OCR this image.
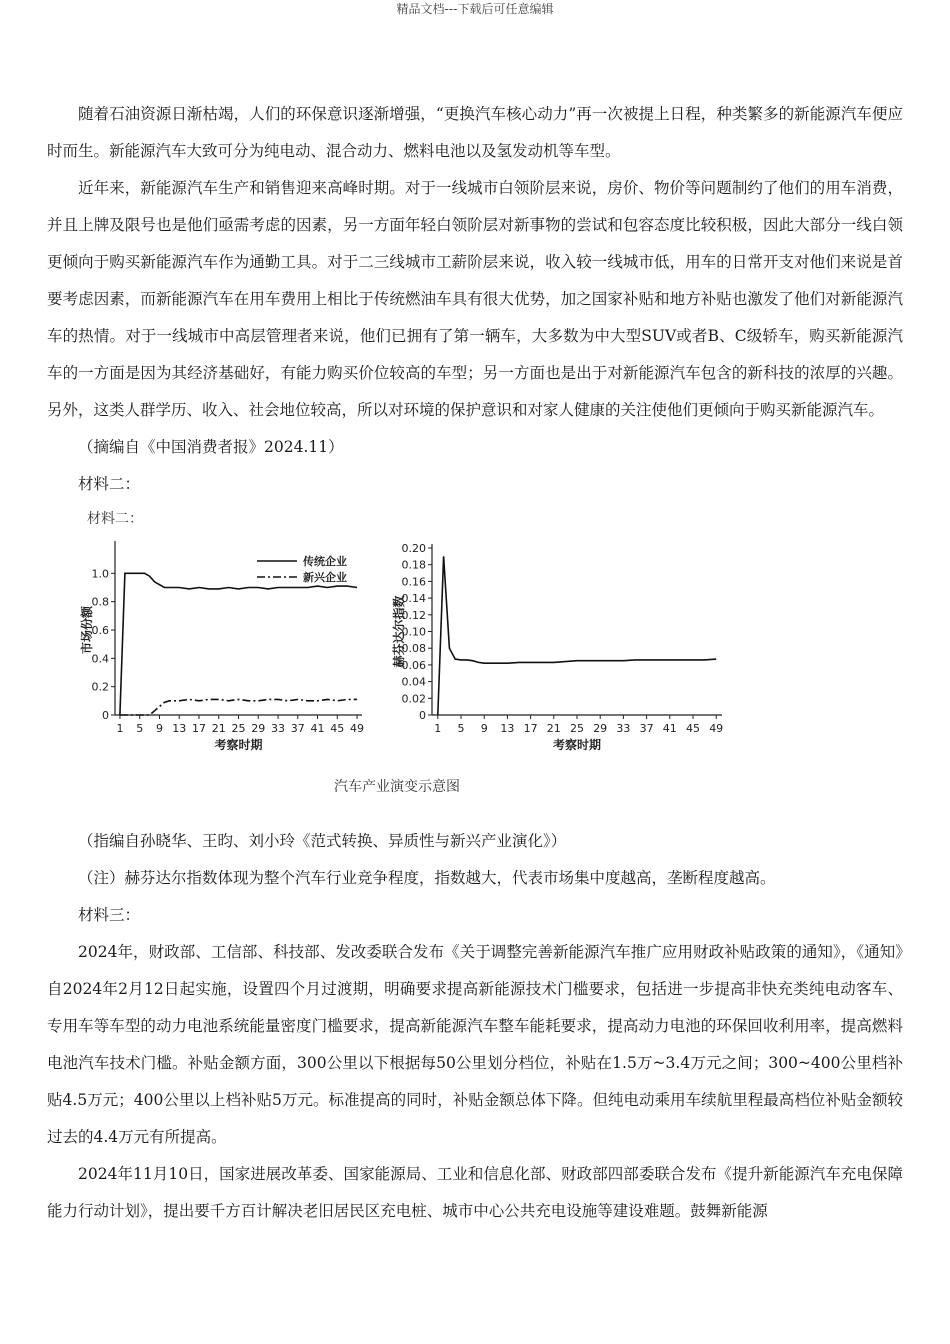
精品文档---下载后可任意编辑

随着石油资源日渐枯竭，人们的环保意识逐渐增强，“更换汽车核心动力”再一次被提上日程，种类繁多的新能源汽车便应时而生。新能源汽车大致可分为纯电动、混合动力、燃料电池以及氢发动机等车型。

近年来，新能源汽车生产和销售迎来高峰时期。对于一线城市白领阶层来说，房价、物价等问题制约了他们的用车消费，并且上牌及限号也是他们亟需考虑的因素，另一方面年轻白领阶层对新事物的尝试和包容态度比较积极，因此大部分一线白领更倾向于购买新能源汽车作为通勤工具。对于二三线城市工薪阶层来说，收入较一线城市低，用车的日常开支对他们来说是首要考虑因素，而新能源汽车在用车费用上相比于传统燃油车具有很大优势，加之国家补贴和地方补贴也激发了他们对新能源汽车的热情。对于一线城市中高层管理者来说，他们已拥有了第一辆车，大多数为中大型SUV或者B、C级轿车，购买新能源汽车的一方面是因为其经济基础好，有能力购买价位较高的车型；另一方面也是出于对新能源汽车包含的新科技的浓厚的兴趣。另外，这类人群学历、收入、社会地位较高，所以对环境的保护意识和对家人健康的关注使他们更倾向于购买新能源汽车。

（摘编自《中国消费者报》2024.11）

材料二：

材料二：
汽车产业演变示意图
1 5 9 13 17 21 25 29 33 37 41 45 49
0
0.2
0.4
0.6
0.8
1.0
考察时期
市场份额
传统企业
新兴企业
1 5 9 13 17 21 25 29 33 37 41 45 49
0
0.02
0.04
0.06
0.08
0.10
0.12
0.14
0.16
0.18
0.20
考察时期
赫芬达尔指数

（指编自孙晓华、王昀、刘小玲《范式转换、异质性与新兴产业演化》）

（注）赫芬达尔指数体现为整个汽车行业竞争程度，指数越大，代表市场集中度越高，垄断程度越高。

材料三：

2024年，财政部、工信部、科技部、发改委联合发布《关于调整完善新能源汽车推广应用财政补贴政策的通知》，《通知》自2024年2月12日起实施，设置四个月过渡期，明确要求提高新能源技术门槛要求，包括进一步提高非快充类纯电动客车、专用车等车型的动力电池系统能量密度门槛要求，提高新能源汽车整车能耗要求，提高动力电池的环保回收利用率，提高燃料电池汽车技术门槛。补贴金额方面，300公里以下根据每50公里划分档位，补贴在1.5万~3.4万元之间；300~400公里档补贴4.5万元；400公里以上档补贴5万元。标准提高的同时，补贴金额总体下降。但纯电动乘用车续航里程最高档位补贴金额较过去的4.4万元有所提高。

2024年11月10日，国家进展改革委、国家能源局、工业和信息化部、财政部四部委联合发布《提升新能源汽车充电保障能力行动计划》，提出要千方百计解决老旧居民区充电桩、城市中心公共充电设施等建设难题。鼓舞新能源
